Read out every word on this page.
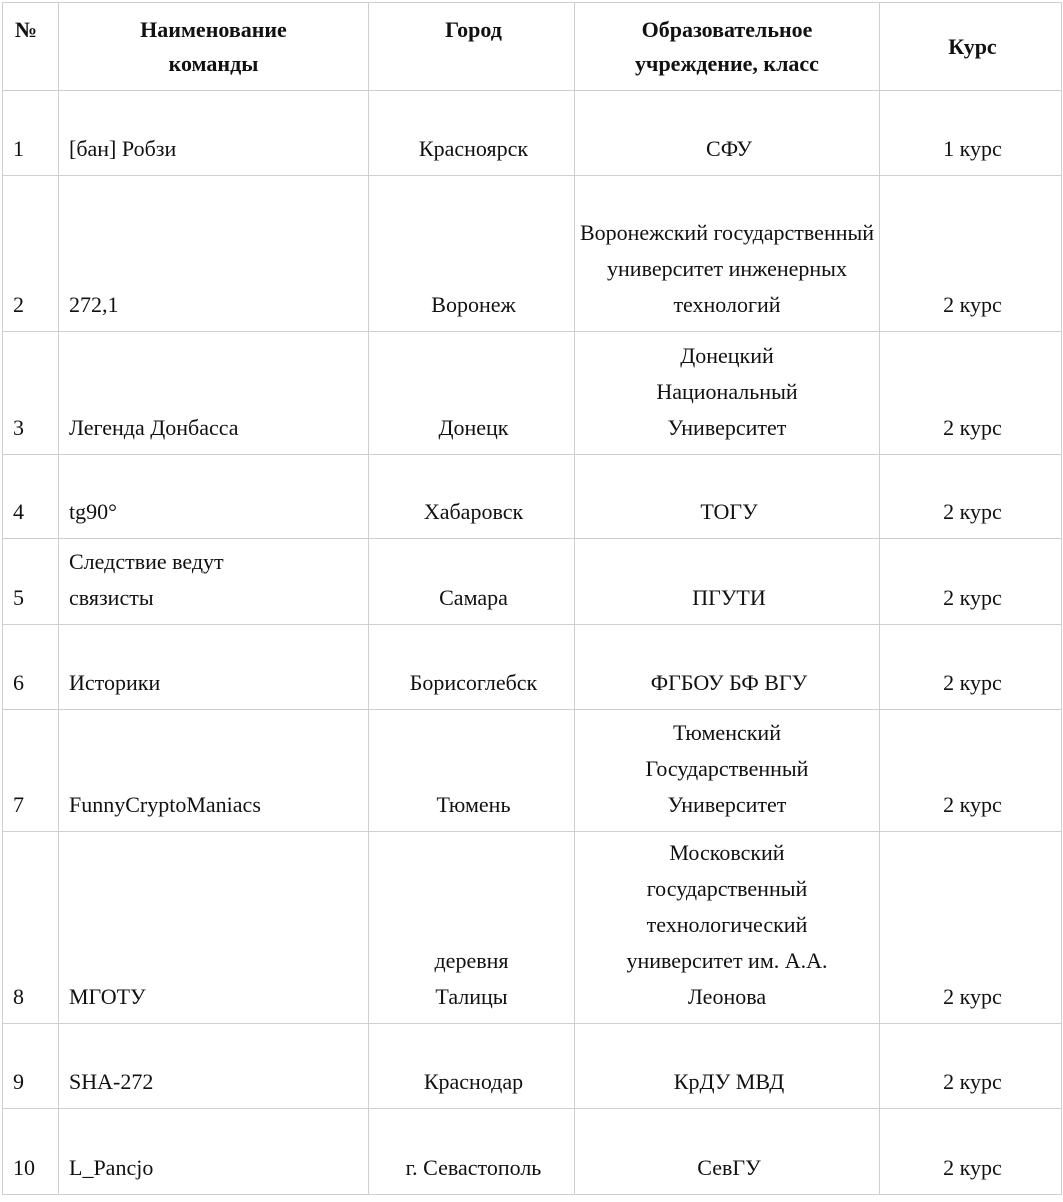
№	Наименование команды	Город	Образовательное учреждение, класс	Курс
1	[бан] Робзи	Красноярск	СФУ	1 курс
2	272,1	Воронеж	Воронежский государственный университет инженерных технологий	2 курс
3	Легенда Донбасса	Донецк	Донецкий Национальный Университет	2 курс
4	tg90°	Хабаровск	ТОГУ	2 курс
5	Следствие ведут связисты	Самара	ПГУТИ	2 курс
6	Историки	Борисоглебск	ФГБОУ БФ ВГУ	2 курс
7	FunnyCryptoManiacs	Тюмень	Тюменский Государственный Университет	2 курс
8	МГОТУ	деревня Талицы	Московский государственный технологический университет им. А.А. Леонова	2 курс
9	SHA-272	Краснодар	КрДУ МВД	2 курс
10	L_Pancjo	г. Севастополь	СевГУ	2 курс
